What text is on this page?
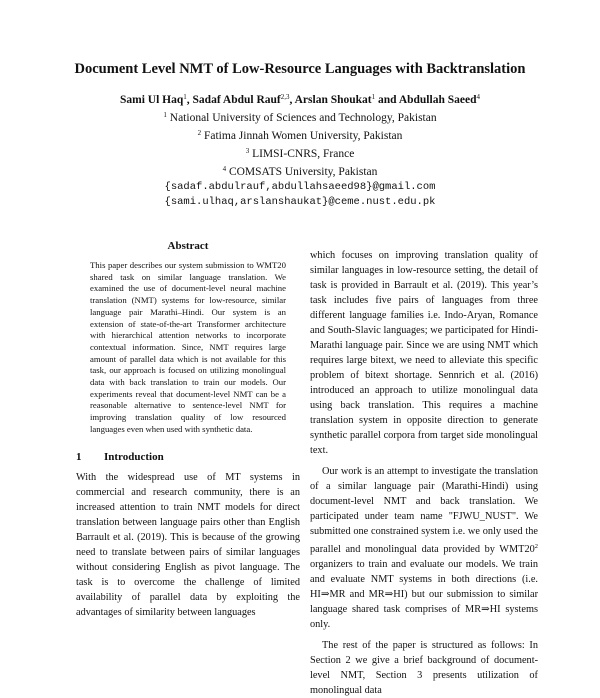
Document Level NMT of Low-Resource Languages with Backtranslation
Sami Ul Haq$^1$, Sadaf Abdul Rauf$^{2,3}$, Arslan Shoukat$^1$ and Abdullah Saeed$^4$
$^1$ National University of Sciences and Technology, Pakistan
$^2$ Fatima Jinnah Women University, Pakistan
$^3$ LIMSI-CNRS, France
$^4$ COMSATS University, Pakistan
{sadaf.abdulrauf,abdullahsaeed98}@gmail.com
{sami.ulhaq,arslanshaukat}@ceme.nust.edu.pk
Abstract
This paper describes our system submission to WMT20 shared task on similar language translation. We examined the use of document-level neural machine translation (NMT) systems for low-resource, similar language pair Marathi–Hindi. Our system is an extension of state-of-the-art Transformer architecture with hierarchical attention networks to incorporate contextual information. Since, NMT requires large amount of parallel data which is not available for this task, our approach is focused on utilizing monolingual data with back translation to train our models. Our experiments reveal that document-level NMT can be a reasonable alternative to sentence-level NMT for improving translation quality of low resourced languages even when used with synthetic data.
1 Introduction
With the widespread use of MT systems in commercial and research community, there is an increased attention to train NMT models for direct translation between language pairs other than English Barrault et al. (2019). This is because of the growing need to translate between pairs of similar languages without considering English as pivot language. The task is to overcome the challenge of limited availability of parallel data by exploiting the advantages of similarity between languages

which focuses on improving translation quality of similar languages in low-resource setting, the detail of task is provided in Barrault et al. (2019). This year’s task includes five pairs of languages from three different language families i.e. Indo-Aryan, Romance and South-Slavic languages; we participated for Hindi-Marathi language pair. Since we are using NMT which requires large bitext, we need to alleviate this specific problem of bitext shortage. Sennrich et al. (2016) introduced an approach to utilize monolingual data using back translation. This requires a machine translation system in opposite direction to generate synthetic parallel corpora from target side monolingual text.

Our work is an attempt to investigate the translation of a similar language pair (Marathi-Hindi) using document-level NMT and back translation. We participated under team name "FJWU_NUST". We submitted one constrained system i.e. we only used the parallel and monolingual data provided by $WMT20^2$ organizers to train and evaluate our models. We train and evaluate NMT systems in both directions (i.e. HI⇒MR and MR⇒HI) but our submission to similar language shared task comprises of MR⇒HI systems only.

The rest of the paper is structured as follows: In Section 2 we give a brief background of document-level NMT, Section 3 presents utilization of monolingual data
